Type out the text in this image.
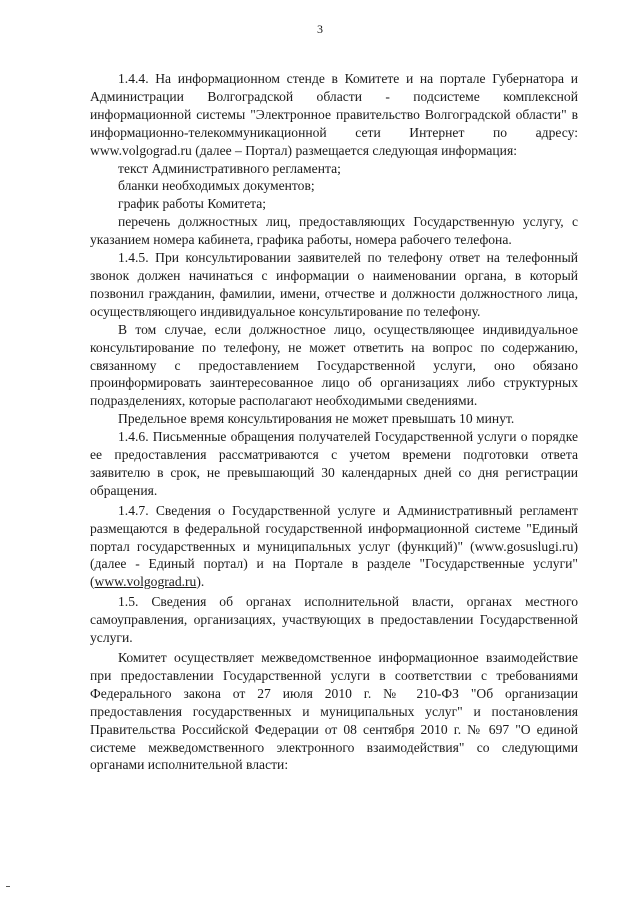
3

1.4.4. На информационном стенде в Комитете и на портале Губернатора и Администрации Волгоградской области - подсистеме комплексной информационной системы "Электронное правительство Волгоградской области" в информационно-телекоммуникационной сети Интернет по адресу: www.volgograd.ru (далее – Портал) размещается следующая информация:

текст Административного регламента;

бланки необходимых документов;

график работы Комитета;

перечень должностных лиц, предоставляющих Государственную услугу, с указанием номера кабинета, графика работы, номера рабочего телефона.

1.4.5. При консультировании заявителей по телефону ответ на телефонный звонок должен начинаться с информации о наименовании органа, в который позвонил гражданин, фамилии, имени, отчестве и должности должностного лица, осуществляющего индивидуальное консультирование по телефону.

В том случае, если должностное лицо, осуществляющее индивидуальное консультирование по телефону, не может ответить на вопрос по содержанию, связанному с предоставлением Государственной услуги, оно обязано проинформировать заинтересованное лицо об организациях либо структурных подразделениях, которые располагают необходимыми сведениями.

Предельное время консультирования не может превышать 10 минут.

1.4.6. Письменные обращения получателей Государственной услуги о порядке ее предоставления рассматриваются с учетом времени подготовки ответа заявителю в срок, не превышающий 30 календарных дней со дня регистрации обращения.

1.4.7. Сведения о Государственной услуге и Административный регламент размещаются в федеральной государственной информационной системе "Единый портал государственных и муниципальных услуг (функций)" (www.gosuslugi.ru) (далее - Единый портал) и на Портале в разделе "Государственные услуги" (www.volgograd.ru).

1.5. Сведения об органах исполнительной власти, органах местного самоуправления, организациях, участвующих в предоставлении Государственной услуги.

Комитет осуществляет межведомственное информационное взаимодействие при предоставлении Государственной услуги в соответствии с требованиями Федерального закона от 27 июля 2010 г. № 210-ФЗ "Об организации предоставления государственных и муниципальных услуг" и постановления Правительства Российской Федерации от 08 сентября 2010 г. № 697 "О единой системе межведомственного электронного взаимодействия" со следующими органами исполнительной власти:
